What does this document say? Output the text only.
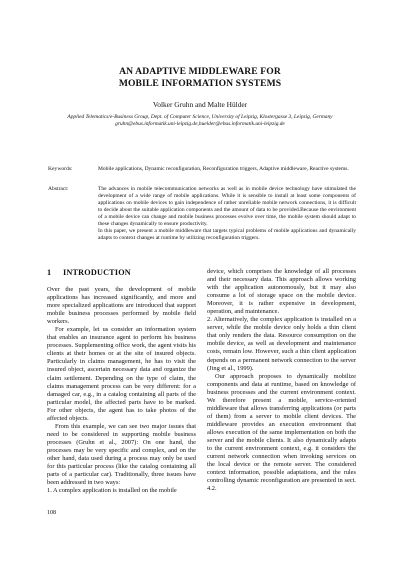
AN ADAPTIVE MIDDLEWARE FOR
MOBILE INFORMATION SYSTEMS
Volker Gruhn and Malte Hülder
Applied Telematics/e-Business Group, Dept. of Computer Science, University of Leipzig, Klostergasse 3, Leipzig, Germany
gruhn@ebus.informatik.uni-leipzig.de,huelder@ebus.informatik.uni-leipzig.de
Keywords:	Mobile applications, Dynamic reconfiguration, Reconfiguration triggers, Adaptive middleware, Reactive systems.
Abstract:	The advances in mobile telecommunication networks as well as in mobile device technology have stimulated the development of a wide range of mobile applications. While it is sensible to install at least some components of applications on mobile devices to gain independence of rather unreliable mobile network connections, it is difficult to decide about the suitable application components and the amount of data to be provided.Because the environment of a mobile device can change and mobile business processes evolve over time, the mobile system should adapt to these changes dynamically to ensure productivity.

In this paper, we present a mobile middleware that targets typical problems of mobile applications and dynamically adapts to context changes at runtime by utilizing reconfiguration triggers.

1 INTRODUCTION

Over the past years, the development of mobile applications has increased significantly, and more and more specialized applications are introduced that support mobile business processes performed by mobile field workers.

For example, let us consider an information system that enables an insurance agent to perform his business processes. Supplementing office work, the agent visits his clients at their homes or at the site of insured objects. Particularly in claims management, he has to visit the insured object, ascertain necessary data and organize the claim settlement. Depending on the type of claim, the claims management process can be very different: for a damaged car, e.g., in a catalog containing all parts of the particular model, the affected parts have to be marked. For other objects, the agent has to take photos of the affected objects.

From this example, we can see two major issues that need to be considered in supporting mobile business processes (Gruhn et al., 2007): On one hand, the processes may be very specific and complex, and on the other hand, data used during a process may only be used for this particular process (like the catalog containing all parts of a particular car). Traditionally, three issues have been addressed in two ways:

1. A complex application is installed on the mobile

device, which comprises the knowledge of all processes and their necessary data. This approach allows working with the application autonomously, but it may also consume a lot of storage space on the mobile device. Moreover, it is rather expensive in development, operation, and maintenance.

2. Alternatively, the complex application is installed on a server, while the mobile device only holds a thin client that only renders the data. Resource consumption on the mobile device, as well as development and maintenance costs, remain low. However, such a thin client application depends on a permanent network connection to the server (Jing et al., 1999).

Our approach proposes to dynamically mobilize components and data at runtime, based on knowledge of business processes and the current environment context. We therefore present a mobile, service-oriented middleware that allows transferring applications (or parts of them) from a server to mobile client devices. The middleware provides an execution environment that allows execution of the same implementation on both the server and the mobile clients. It also dynamically adapts to the current environment context, e.g. it considers the current network connection when invoking services on the local device or the remote server. The considered context information, possible adaptations, and the rules controlling dynamic reconfiguration are presented in sect. 4.2.

108
